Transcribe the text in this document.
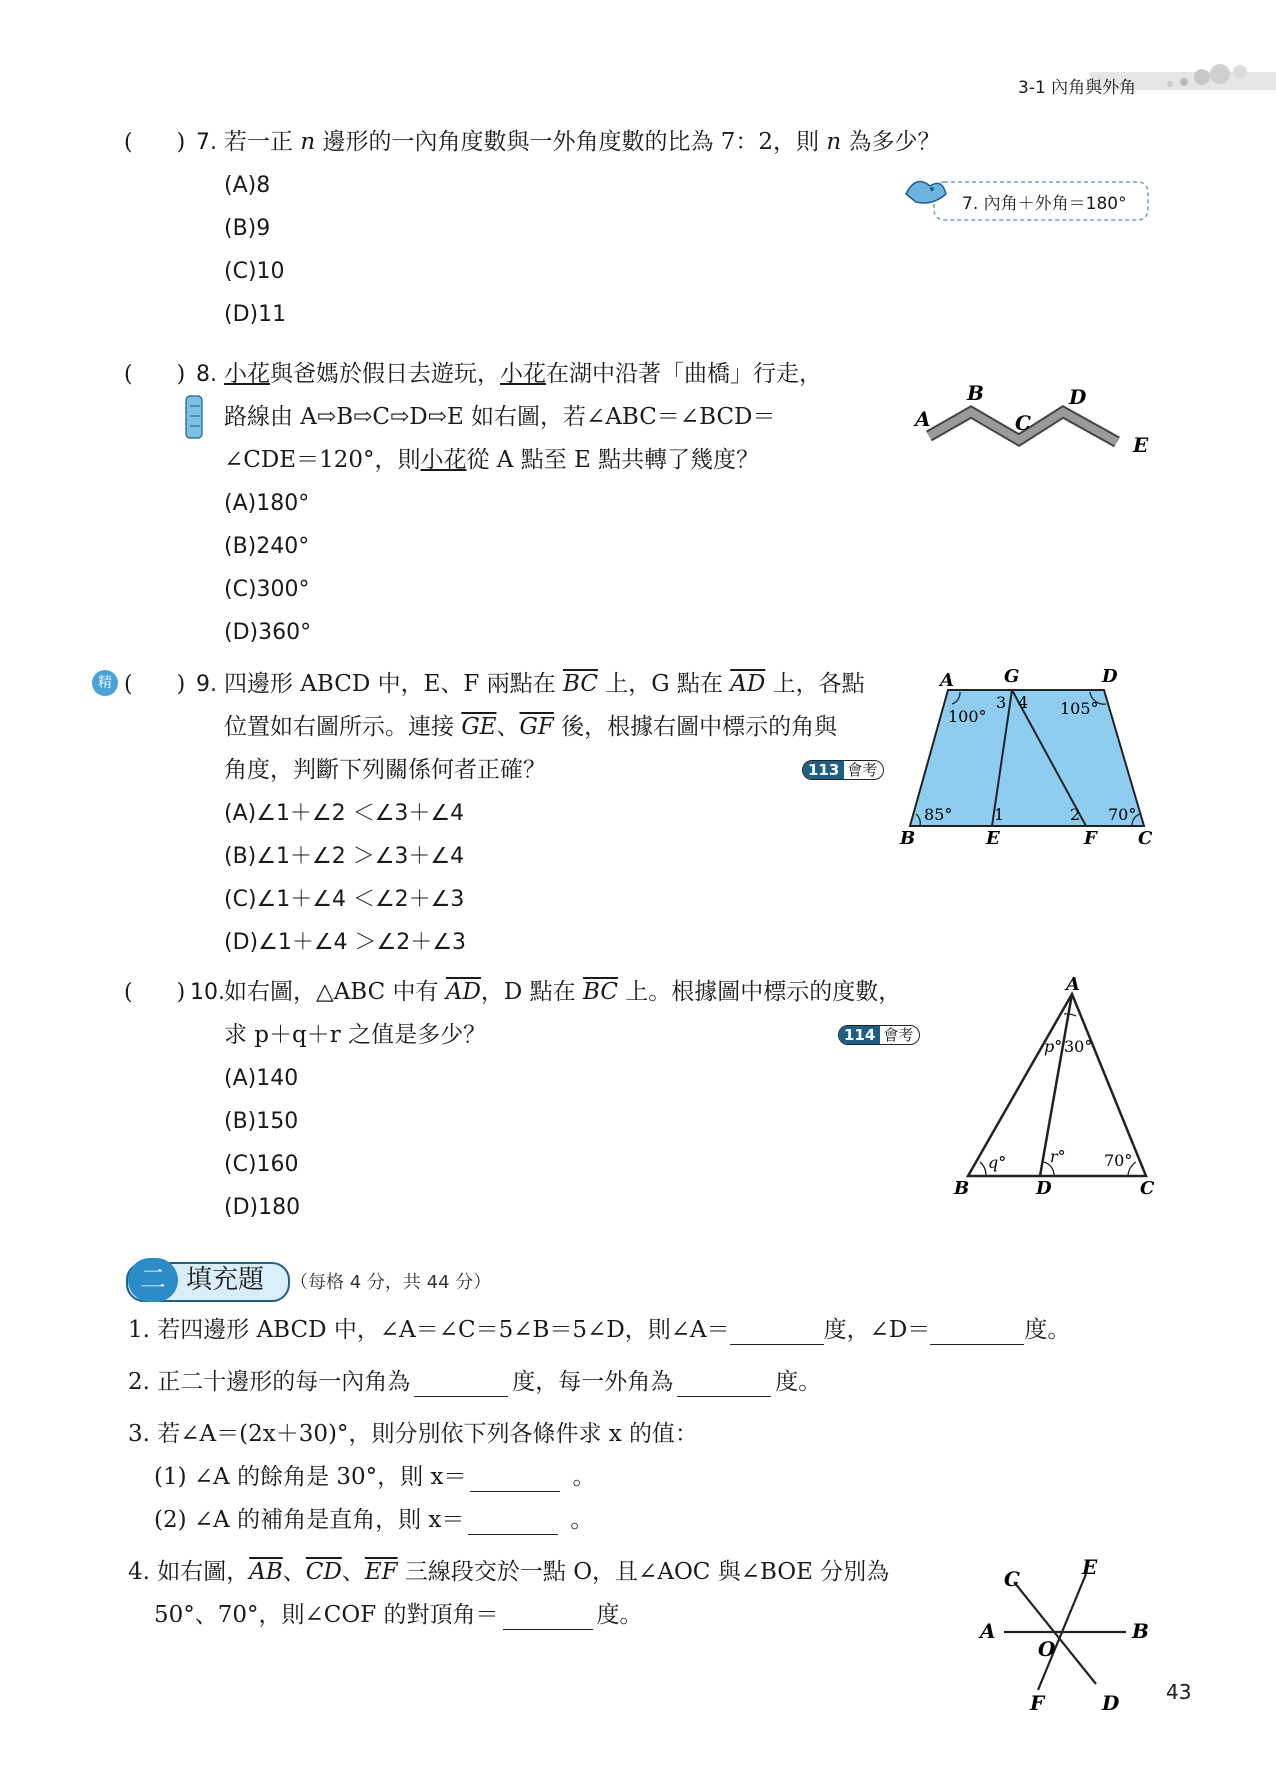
3-1 內角與外角
(　　) 7. 若一正 n 邊形的一內角度數與一外角度數的比為 7：2，則 n 為多少？
(A)8
(B)9
(C)10
(D)11
7. 內角＋外角＝180°
(　　) 8. 小花與爸媽於假日去遊玩，小花在湖中沿著「曲橋」行走，
路線由 A⇨B⇨C⇨D⇨E 如右圖，若∠ABC＝∠BCD＝
∠CDE＝120°，則小花從 A 點至 E 點共轉了幾度？
(A)180°
(B)240°
(C)300°
(D)360°
A
B
C
D
E
精 (　　) 9. 四邊形 ABCD 中，E、F 兩點在 $\overline{BC}$ 上，G 點在 $\overline{AD}$ 上，各點
位置如右圖所示。連接 $\overline{GE}$、$\overline{GF}$ 後，根據右圖中標示的角與
角度，判斷下列關係何者正確？	113 會考
(A)∠1＋∠2 ＜∠3＋∠4
(B)∠1＋∠2 ＞∠3＋∠4
(C)∠1＋∠4 ＜∠2＋∠3
(D)∠1＋∠4 ＞∠2＋∠3
A	G	D
B	E	F C
3 4
1	2
100°	105°
85°	70°
(　　) 10. 如右圖，△ABC 中有 $\overline{AD}$，D 點在 $\overline{BC}$ 上。根據圖中標示的度數，
求 p＋q＋r 之值是多少？	114 會考
(A)140
(B)150
(C)160
(D)180
A
B	D	C
p° 30°
q°	r° 70°
二 填充題 （每格 4 分，共 44 分）
1. 若四邊形 ABCD 中，∠A＝∠C＝5∠B＝5∠D，則∠A＝	度，∠D＝	度。
2. 正二十邊形的每一內角為	度，每一外角為	度。
3. 若∠A＝(2x＋30)°，則分別依下列各條件求 x 的值：
(1) ∠A 的餘角是 30°，則 x＝	。
(2) ∠A 的補角是直角，則 x＝	。
4. 如右圖，$\overline{AB}$、$\overline{CD}$、$\overline{EF}$ 三線段交於一點 O，且∠AOC 與∠BOE 分別為
50°、70°，則∠COF 的對頂角＝	度。
C	E
A	B
O
F	D 43
